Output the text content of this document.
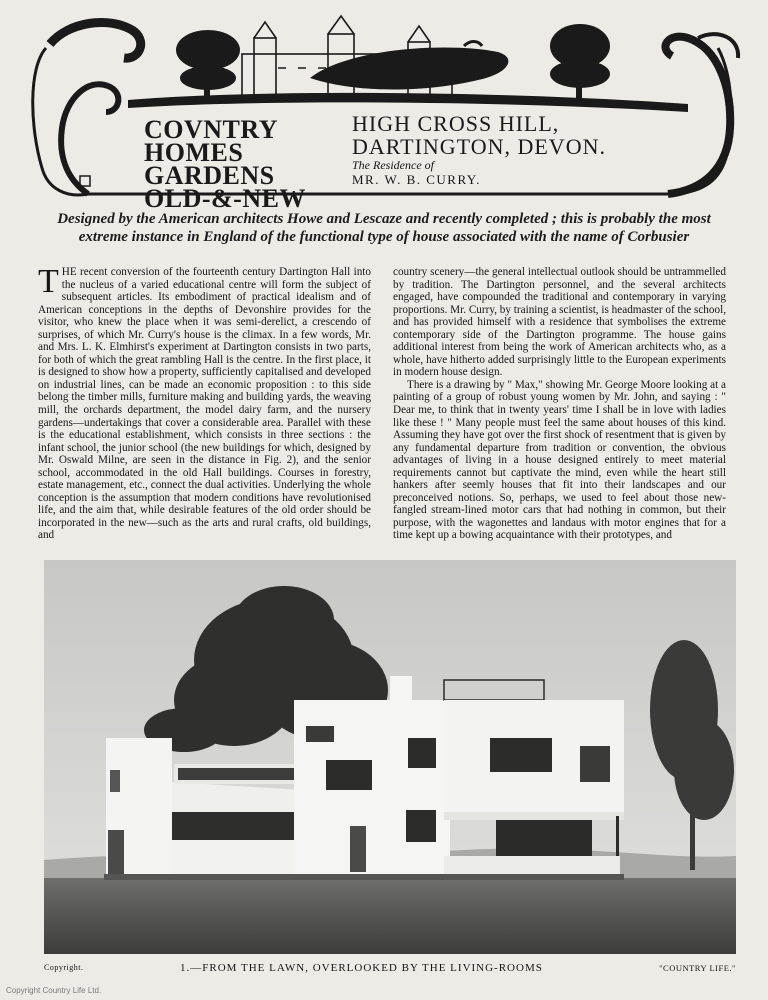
COVNTRY
HOMES
GARDENS
OLD-&-NEW
HIGH CROSS HILL,
DARTINGTON, DEVON.
The Residence of
MR. W. B. CURRY.
Designed by the American architects Howe and Lescaze and recently completed ; this is probably the most extreme instance in England of the functional type of house associated with the name of Corbusier

THE recent conversion of the fourteenth century Dartington Hall into the nucleus of a varied educational centre will form the subject of subsequent articles. Its embodiment of practical idealism and of American conceptions in the depths of Devonshire provides for the visitor, who knew the place when it was semi-derelict, a crescendo of surprises, of which Mr. Curry's house is the climax. In a few words, Mr. and Mrs. L. K. Elmhirst's experiment at Dartington consists in two parts, for both of which the great rambling Hall is the centre. In the first place, it is designed to show how a property, sufficiently capitalised and developed on industrial lines, can be made an economic proposition : to this side belong the timber mills, furniture making and building yards, the weaving mill, the orchards department, the model dairy farm, and the nursery gardens—undertakings that cover a considerable area. Parallel with these is the educational establishment, which consists in three sections : the infant school, the junior school (the new buildings for which, designed by Mr. Oswald Milne, are seen in the distance in Fig. 2), and the senior school, accommodated in the old Hall buildings. Courses in forestry, estate management, etc., connect the dual activities. Underlying the whole conception is the assumption that modern conditions have revolutionised life, and the aim that, while desirable features of the old order should be incorporated in the new—such as the arts and rural crafts, old buildings, and

country scenery—the general intellectual outlook should be untrammelled by tradition. The Dartington personnel, and the several architects engaged, have compounded the traditional and contemporary in varying proportions. Mr. Curry, by training a scientist, is headmaster of the school, and has provided himself with a residence that symbolises the extreme contemporary side of the Dartington programme. The house gains additional interest from being the work of American architects who, as a whole, have hitherto added surprisingly little to the European experiments in modern house design.

There is a drawing by " Max," showing Mr. George Moore looking at a painting of a group of robust young women by Mr. John, and saying : " Dear me, to think that in twenty years' time I shall be in love with ladies like these ! " Many people must feel the same about houses of this kind. Assuming they have got over the first shock of resentment that is given by any fundamental departure from tradition or convention, the obvious advantages of living in a house designed entirely to meet material requirements cannot but captivate the mind, even while the heart still hankers after seemly houses that fit into their landscapes and our preconceived notions. So, perhaps, we used to feel about those new-fangled stream-lined motor cars that had nothing in common, but their purpose, with the wagonettes and landaus with motor engines that for a time kept up a bowing acquaintance with their prototypes, and

Copyright.	1.—FROM THE LAWN, OVERLOOKED BY THE LIVING-ROOMS	"COUNTRY LIFE."
Copyright Country Life Ltd.
